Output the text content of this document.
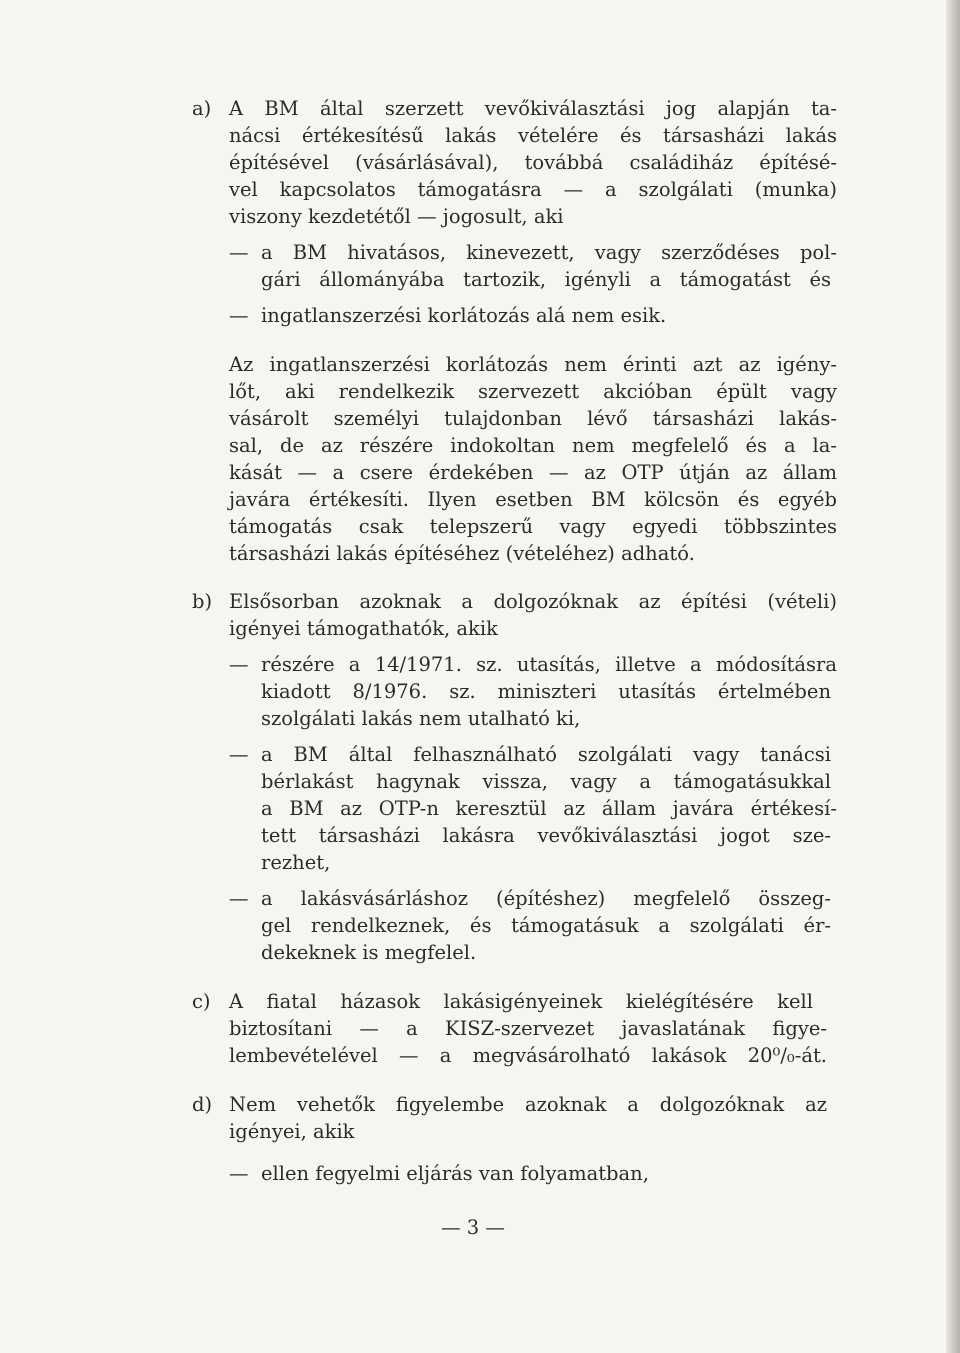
a) A BM által szerzett vevőkiválasztási jog alapján ta-
nácsi értékesítésű lakás vételére és társasházi lakás
építésével (vásárlásával), továbbá családiház építésé-
vel kapcsolatos támogatásra — a szolgálati (munka)
viszony kezdetétől — jogosult, aki
— a BM hivatásos, kinevezett, vagy szerződéses pol-
gári állományába tartozik, igényli a támogatást és
— ingatlanszerzési korlátozás alá nem esik.
Az ingatlanszerzési korlátozás nem érinti azt az igény-
lőt, aki rendelkezik szervezett akcióban épült vagy
vásárolt személyi tulajdonban lévő társasházi lakás-
sal, de az részére indokoltan nem megfelelő és a la-
kását — a csere érdekében — az OTP útján az állam
javára értékesíti. Ilyen esetben BM kölcsön és egyéb
támogatás csak telepszerű vagy egyedi többszintes
társasházi lakás építéséhez (vételéhez) adható.
b) Elsősorban azoknak a dolgozóknak az építési (vételi)
igényei támogathatók, akik
— részére a 14/1971. sz. utasítás, illetve a módosításra
kiadott 8/1976. sz. miniszteri utasítás értelmében
szolgálati lakás nem utalható ki,
— a BM által felhasználható szolgálati vagy tanácsi
bérlakást hagynak vissza, vagy a támogatásukkal
a BM az OTP-n keresztül az állam javára értékesí-
tett társasházi lakásra vevőkiválasztási jogot sze-
rezhet,
— a lakásvásárláshoz (építéshez) megfelelő összeg-
gel rendelkeznek, és támogatásuk a szolgálati ér-
dekeknek is megfelel.
c) A fiatal házasok lakásigényeinek kielégítésére kell
biztosítani — a KISZ-szervezet javaslatának figye-
lembevételével — a megvásárolható lakások 20⁰/₀-át.
d) Nem vehetők figyelembe azoknak a dolgozóknak az
igényei, akik
— ellen fegyelmi eljárás van folyamatban,
— 3 —
